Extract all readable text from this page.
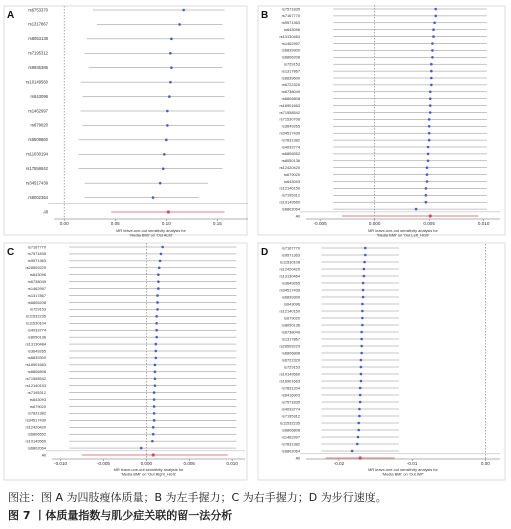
A
rs6753370
rs1317867
rs8053138
rs7195312
rs9935386
rs10149560
rs643096
rs1462997
rs679020
rs5509860
rs11030194
rs17558642
rs34517439
rs6002364
All
0.00	0.05	0.10	0.15
MR leave-one-out sensitivity analysis for
'Media BMI' on 'Ost ALM'
B
rs7571835
rs7167770
rs9571363
rs643096
rs13130464
rs1462997
rs6839300
rs6806208
rs729153
rs1317867
rs6839600
rs6722320
rs6738049
rs6806808
rs16901663
rs71558542
rs71530706
rs3649265
rs34517439
rs7831382
rs4033774
rs6806552
rs8050136
rs12420420
rs679020
rs643093
rs12140150
rs7195312
rs10149560
rs6802064
All
-0.005	0.000	0.005	0.010
MR leave-one-out sensitivity analysis for
'Media BMI' on 'Out.Left_HGS'
C
rs7167770
rs7571835
rs9571363
rs28509229
rs643096
rs6738049
rs1462997
rs1317867
rs6806208
rs729153
rs11532235
rs11530104
rs4033774
rs8050136
rs13130484
rs3649265
rs6839300
rs16901663
rs6806808
rs71558542
rs12140153
rs7195312
rs643093
rs679020
rs7831382
rs34517439
rs12420420
rs6806552
rs10149560
rs6802064
All
-0.010	-0.005	0.000	0.005	0.010
MR leave-one-out sensitivity analysis for
'Media BMI' on 'Out.Right_HGS'
D	rs7167770
rs9571363
rs11530108
rs12420420
rs13130464
rs3649265
rs34517439
rs6839300
rs643096
rs12140150
rs679020
rs8050136
rs6738049
rs1317867
rs28509229
rs6806808
rs6722320
rs729153
rs10149560
rs16901663
rs7831204
rs6416903
rs7571835
rs4033774
rs7195312
rs11532235
rs6806808
rs1462997
rs7831382
rs6802064
All
-0.02	-0.01	0.00
MR leave-one-out sensitivity analysis for
'Media BMI' on 'Out.WP'
图注：图 A 为四肢瘦体质量；B 为左手握力；C 为右手握力；D 为步行速度。
图 7 丨体质量指数与肌少症关联的留一法分析
